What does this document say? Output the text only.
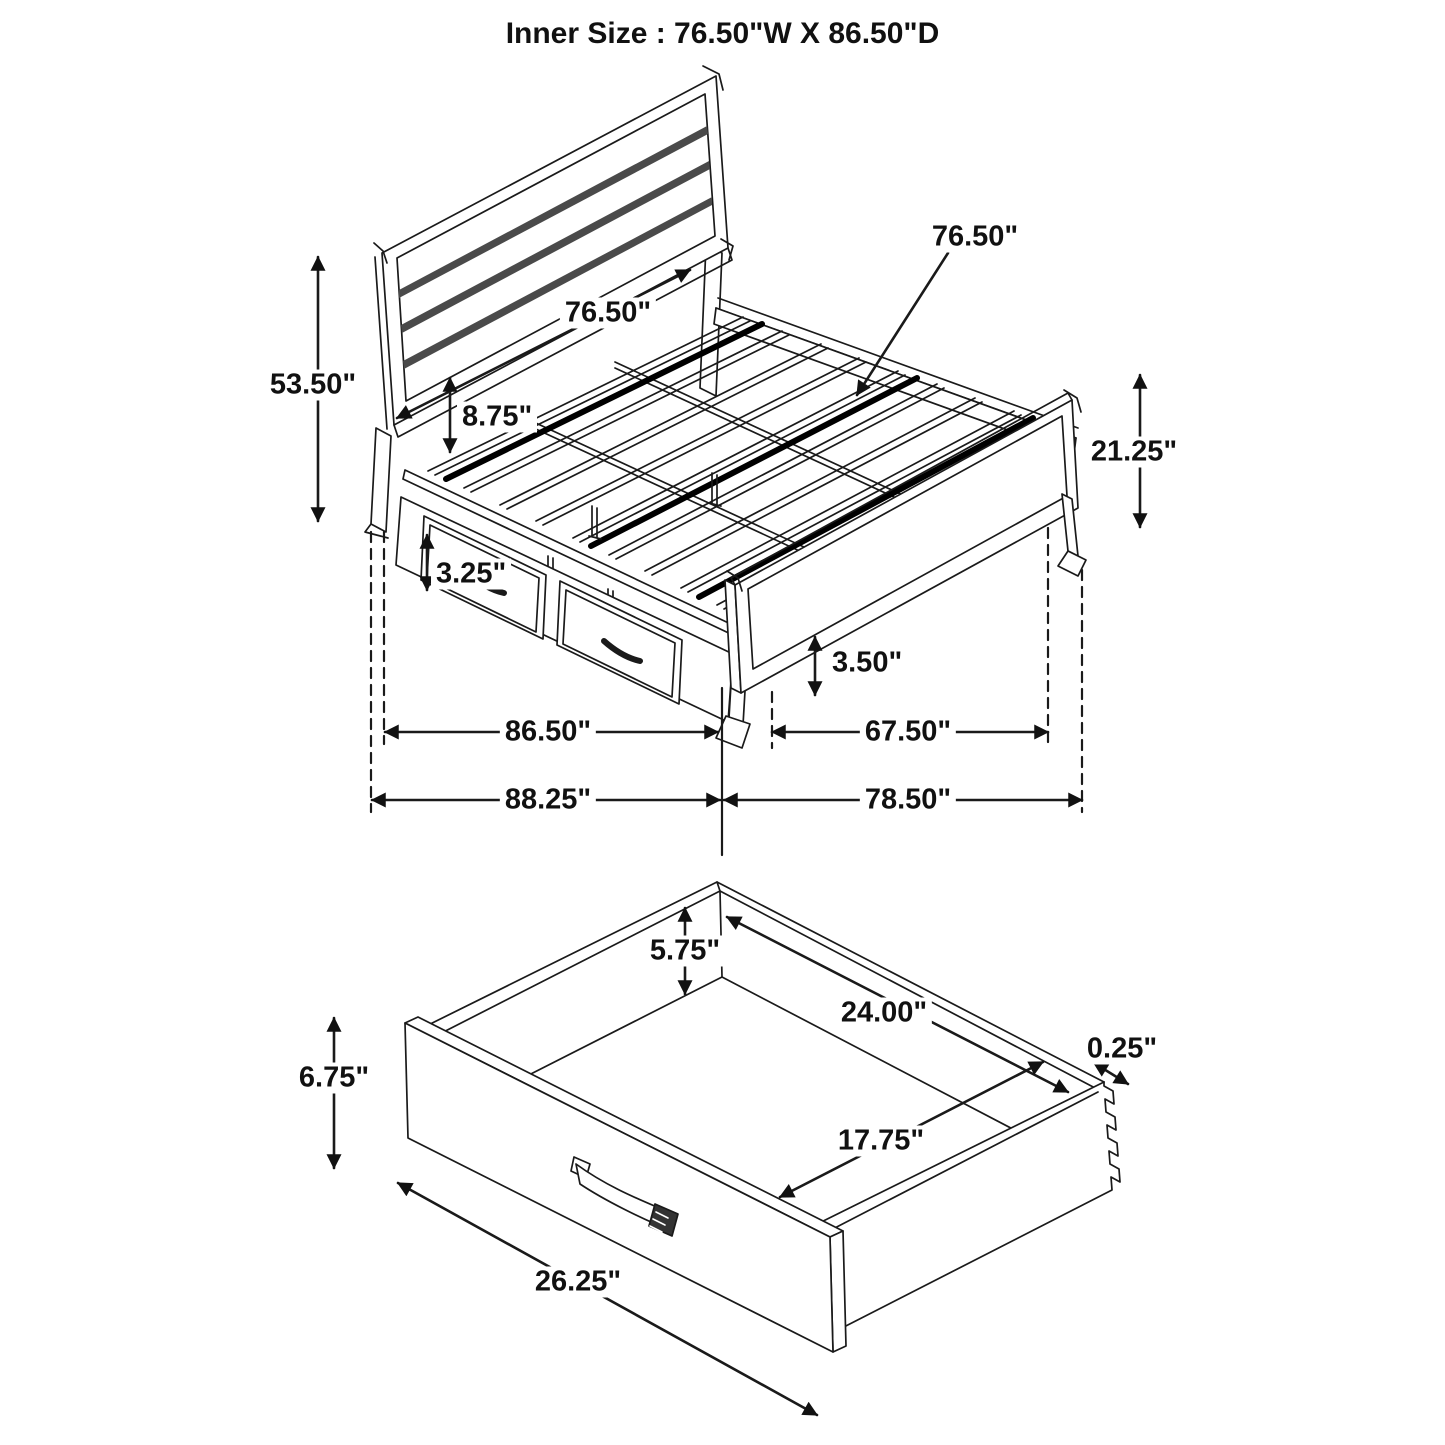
Inner Size : 76.50"W X 86.50"D
76.50"
76.50"
53.50"
8.75"
21.25"
3.25"
3.50"
86.50"	67.50"
88.25"	78.50"
5.75"
24.00"
0.25"
6.75"
17.75"
26.25"
